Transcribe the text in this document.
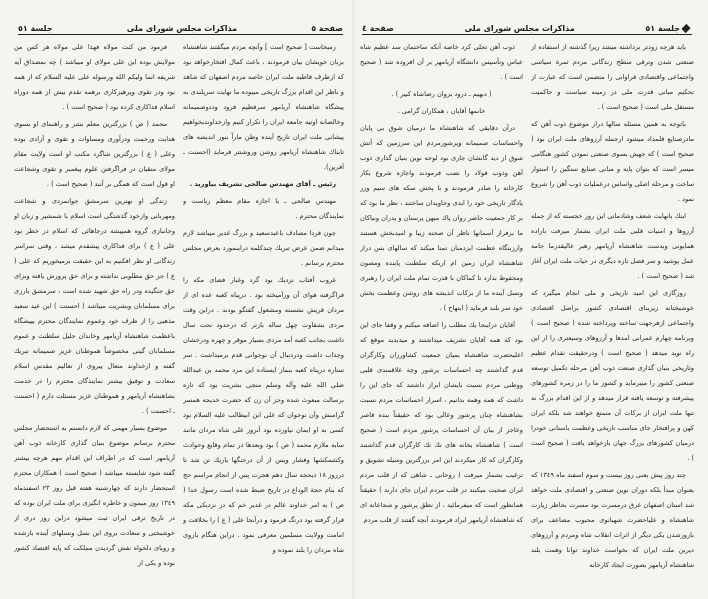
صفحة ٥
مذاكرات مجلس شوراى ملى
جلسة ٥١

رمبخاست [ صحيح است ] وآنچه مردم ميگفتند شاهنشاه بزبان خويشان بيان فرمودند ، باعث كمال افتخارخواهد بود كه ازطرف قاطبه ملت ايران خاصه مردم اصفهان كه شاهد و ناظر اين اقدام بزرگ تاريخى ميبوده ما نهايت سرپلندى به پيشگاه شاهنشاه آريامهر سرفطيم فرود وددوصميمانه وخالصانه اوتيه جامعه ايران را تكرار كنيم وازخداوندبخواهيم پيشانى ملت ايران تاريخ آينده وطن ماراً بنور انديشه هاى تابناك شاهنشاه آريامهر روشن وروشنتر فرمايد (احسنت ـ آفرين).

رئيس ـ آقاى مهندس صالحى تشريف بياوريد .

مهندس صالحى ـ با اجازه مقام معظم رياست و نمايندگان محترم .

چون فردا مصادف باعيدسعيد و بزرگ غدير ميباشد لازم ميدانم ضمن عرض تبريك چندكلمه دراينمورد بعرض مجلس محترم برسانم .

غروب آفتاب نزديك بود گرد وغبار فضاى مكه را فراگرفته هواى آن ورآميخته بود . درپناه كعبه عده اى از مردان قريش نشسته ومشغول گفتگو بودند . دراين وقت مردى بشقاوت چهل ساله بازتر كه درحدود تحت سال داشت بجانب كعبه آمد مردى بسيار موقر و چهره ودرخشان وجذاب داشت ودردنبال آن نوجوانى قدم برميداشت . سر ستاره درپناه كعبه بنماز ايستاده اين مرد محمد بن عبدالله صلى الله عليه وآله وسلم منجى بشريت بود كه تازه برسالت مبعوث شده وجز آن زن كه حضرت خديجه همسر گرامىش وآن نوجوان كه على ابن ابيطالب عليه السلام بود كسى به او ايمان نياورده بود آنروز على شاه مردان مانند سايه ملازم محمد ( ص ) بود وبعدها در تمام وقايع وحوادث وكشمكشها وفشار وپس از آن درجنگها ياريك تن شد تا درروز ١٨ ذيحجه سال دهم هجرت پس از انجام مراسم حج كه بنام حجة الوداع در تاريخ ضبط شده است رسول خدا ( ص ) به امر خداوند عالم در غدير خم كه در نزديكى مكه قرار گرفته بود درنگ فرمود و درآنجا على ( ع ) را بخلافت و امامت وولايت مسلمين معرفى نمود . دراين هنگام بازوى شاه مردان را بلند نموده و

فرمود من كنت مولاه فهذا على مولاه هر كس من مولايش بوده اين على مولاى او ميباشد ) چه بمصداق آيه شريفه انما وليكم الله ورسوله على عليه السلام كه از همه بود ودر تقوى وپرهيزكارى برهمه تقدم بيش از همه دوراه اسلام فداكارى كرده بود ( صحيح است ) .

محمد ( ص ) بزرگترين معلم بشر و راهنماى او بسوى هدايت ورحمت ودرآورى ومساوات و تقوى و آزادى بوده وعلى ( ع ) بزرگترين شاگرد مكتب او است ولايت مقام مولاى متقيان در فراگرفتن علوم پيغمبر و تقوى وشجاعت او قول است كه همگى بر آنند ( صحيح است ) .

زندگى او بهترين سرمشق جوانمردى و شجاعت ومهربانى وازخود گذشتگى است اسلام با شمشير و زبان او وجانبازى گروه همپيشه درجاهائى كه اسلام در خطر بود على ( ع ) براى فداكارى پيشقدم ميشد ، وقتى سراسر زندگانى او نظر افكنيم به اين حقيقت برميخوريم كه على ( ع ) جز حق مطلوبى نداشته و براى حق پرورش يافته وبراى حق جنگيده ودر راه حق شهيد شده است ، سرمشق بارزى براى مسلمانان وبشريت ميباشد ( احسنت ) اين عيد سعيد مذهبى را از طرف خود وعموم نمايندگان محترم بپيشگاه باعظمت شاهنشاه آريامهر وخاندان جليل سلطنت و عموم مسلمانان گيتى مخصوصاً هموطنان عزيز صميمانه تبريك گفته و ازخداوند متعال پيروى از تعاليم مقدس اسلام سعادت و توفيق بيشتر نمايندگان محترم را در خدمت بشاهنشاه آريامهر و هموطنان عزيز مسئلت دارم ( احسنت ـ احسنت ) .

موضوع بسيار مهمى كه لازم دانستم به استحضار مجلس محترم برسانم موضوع بنيان گذارى كارخانه ذوب آهن آريامهر است كه در اطراف اين اقدام مهم هرچه بيشتر گفته شود شايسته ميباشد ( صحيح است ) همكاران محترم استحضار دارند كه چهارشنبه هفته قبل روز ٢٣ اسفندماه ١٣٤٩ روز ميمون و خاطره انگيزى براى ملت ايران بوده كه در تاريخ ترقى ايران ثبت ميشود دراين روز درى از خوشبختى و سعادت بروى اين نسل ونسلهاى آينده بازشده و روياى دلخواه نقش گرديدن مملكت كه پايه اقتصاد كشور بوده و يكى از

جلسة ٥١
مذاكرات مجلس شوراى ملى
صفحة ٤

بايد هرچه زودتر برداشته ميشد زيرا گذشته از استفاده از صنعتى شدن وترقى سطح زندگانى مردم ثمرة سياسى واجتماعى واقتصادى فراوانى را متضمن است كه عبارت از تحكيم مبانى قدرت ملى در زمينه سياست و حاكميت مستقل ملى است ( صحيح است ) .

باتوجه به همين مسئله سالها دراز موضوع ذوب آهن كه مادرصنايع قلمداد ميشود ازجمله آرزوهاى ملت ايران بود ( صحيح است ) كه جهش بسوى صنعتى نمودن كشور هنگامى ميسر است كه بتوان پايه و مبانى صنايع سنگين را استوار ساخت و مرحله اصلى واساس درعمليات ذوب آهن را شروع نمود .

اينك بانهايت شعف وشادمانى اين روز خجسته كه از جمله آرزوها و امنيات قلبى ملت ايران بشمار ميرفت باراده همايونى وبدست شاهنشاه آريامهر رهبر عاليقدرما جامه عمل پوشيد و سر فصل تازه ديگرى در حيات ملت ايران آغاز شد ( صحيح است ) .

روزگارى اين اميد تاريخى و ملى انجام ميگيرد كه خوشبختانه زيربناى اقتصادى كشور براصل اقتصادى واجتماعى ازهرجهت ساخته وپرداخته شده ( صحيح است ) وبرنامه چهارم عمرانى امدها و آرزوهاى وسيعترى را از اين راه نويد ميدهد ( صحيح است ) ودرحقيقت نقدام عظيم وتاريخى بنيان گذارى صنعت ذوب آهن مرحله تكميل توسعه صنعتى كشور را ميبرمايد و كشور ما را در زمره كشورهاى پيشرفته و توسعه يافته قرار ميدهد و از اين اقدام بزرگ نه تنها ملت ايران از بركات آن متمتع خواهند شد بلكه ايران كهن و پرافتخار جاى مناسب تاريخى وعظمت باستانى خودرا درميان كشورهاى بزرگ جهان بازخواهد يافت ( صحيح است ) .

چند روز پيش يعنى روز بيست و سوم اسفند ماه ١٣٤٩ كه بعنوان مبدأ بلكه دوران نوين صنعتى و اقتصادى ملت خواهد شد استان اصفهان غرق درمسرت بود مسرت بخاطر زيارت شاهنشاه و علياحضرت شهبانوى محبوب مضاعف براى بارورشدن يكى ديگر از اثرات انقلاب شاه ومردم و آرزوهاى ديرين ملت ايران كه بخواست خداوند توانا وهمت بلند شاهنشاه آريامهر بصورت ايجاد كارخانه

ذوب آهن تجلى كرد خاصه آنكه ساختمان سد عظيم شاه عباس وتأسيس دانشگاه آريامهر بر آن افزوده شد ( صحيح است ) .

( دبهيم ـ درود بروان رضاشاه كبير ) .

خانمها آقايان ، همكاران گرامى .

درآن دقايقى كه شاهنشاه ما درميان شوق بى پايان واحساسات صميمانه وپرشورمردم اين سرزمين كه آتش شوق از ديد گانشان جارى بود لوحه نوين بنيان گذارى ذوب آهن وذوب فولاد را نصب فرمودند واجازه شروع بكار كارخانه را صادر فرمودند و با پخش سكه هاى سيم وزر يادگار تاريخى خود را ابدى وجاويدان ساختند ، نظر ما بود كه بر كار جمعيت حاضر روان پاك ميهن پرستان و پدران ونياكان ما برفراز آسمانها ناظر آن صحنه زيبا و اميدبخش هستند واززبنگاه عظمت ايزدمنان تمنا ميكند كه سالهاى بس دراز شاهنشاه ايران زمين ام اريكه سلطنت پاينده ومصون ومحفوظ بدارد تا كماكان با قدرت تمام ملت ايران را رهبرى ونسل آينده ما از بركات انديشه هاى روشن وعظمت بخش خود سر بلند فرمايد ( ابتهاج ) .

آقايان دراينجا يك مطلب را اضافه ميكنم و وقفا جاى اين بود كه همه آقايان تشريف ميداشتند و ميديديد موقع كه اعليحضرت شاهنشاه بميان جمعيت كشاورزان وكارگران قدم گذاشتند چه احساسات پرشور وچه علاقمندى قلبى ووطنى مردم نسبت بايشان ابراز داشتند كه جاى اين را داشت كه همه وهمه بدانيم ، اسرار احساسات مردم نسبت بشاهنشاه چنان پرشور وعالى بود كه حقيقتاً بنده قاصر وعاجز از بيان آن احساسات پرشور مردم است ( صحيح است ) شاهنشاه بخانه هاى تك تك كارگران قدم گذاشتند وكارگران كه كار ميكردند اين امر بزرگترين وسيله تشويق و ترغيب بشمار ميرفت ( روحانى ـ شاهى كه از قلب مردم ايران صحبت ميكنند در قلب مردم ايران جاى دارند ) حقيقتاً همانطور است كه ميفرمائيد ، از نطق پرشور و شجاعانه اى كه شاهنشاه آريامهر ايراد فرمودند آنچه گفتند از قلب مردم
